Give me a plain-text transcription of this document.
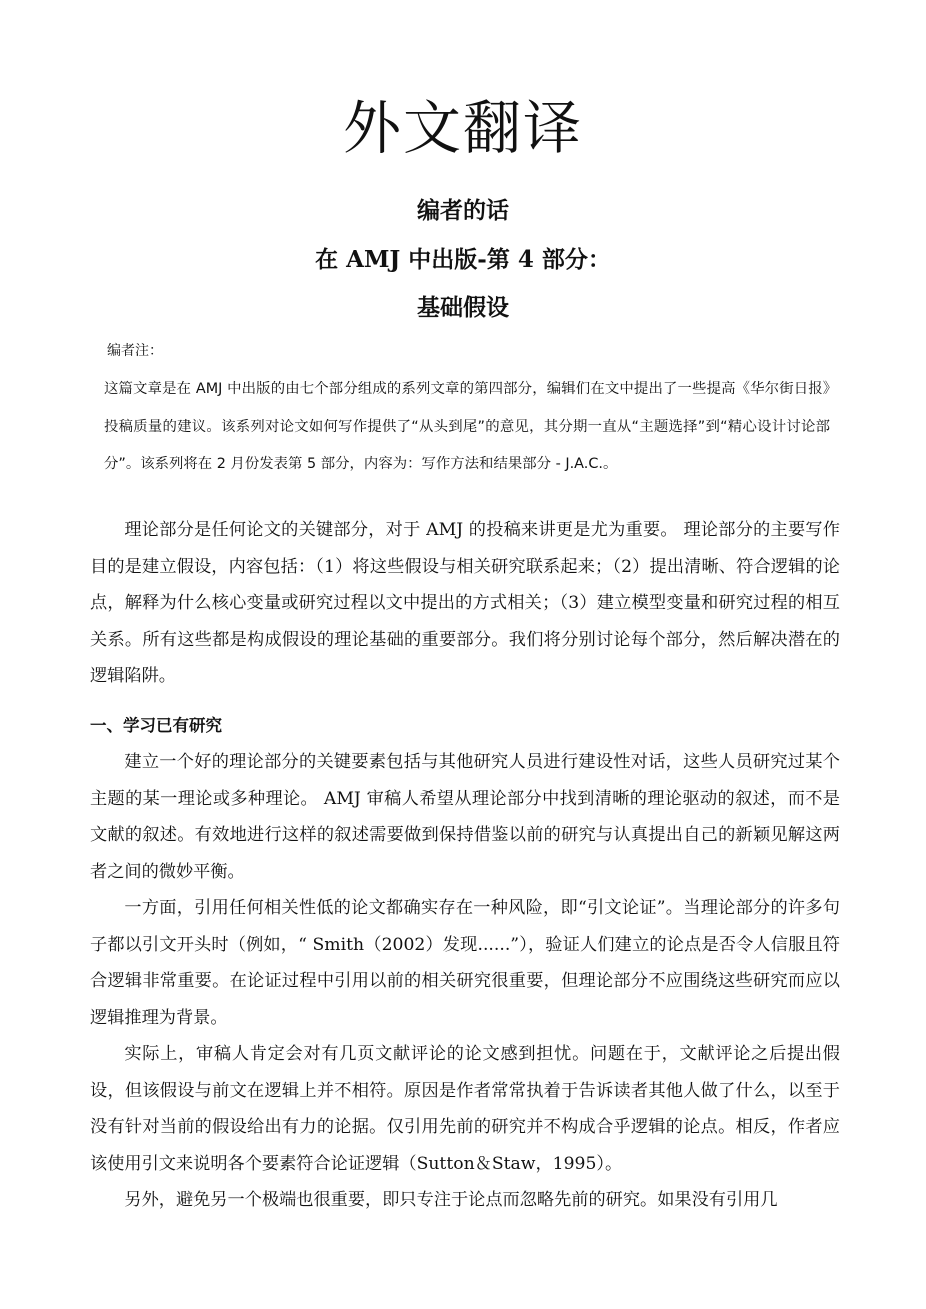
外文翻译
编者的话
在 AMJ 中出版-第 4 部分：
基础假设
编者注：
这篇文章是在 AMJ 中出版的由七个部分组成的系列文章的第四部分，编辑们在文中提出了一些提高《华尔街日报》投稿质量的建议。该系列对论文如何写作提供了“从头到尾”的意见，其分期一直从“主题选择”到“精心设计讨论部分”。该系列将在 2 月份发表第 5 部分，内容为：写作方法和结果部分 - J.A.C.。

理论部分是任何论文的关键部分，对于 AMJ 的投稿来讲更是尤为重要。 理论部分的主要写作目的是建立假设，内容包括：（1）将这些假设与相关研究联系起来；（2）提出清晰、符合逻辑的论点，解释为什么核心变量或研究过程以文中提出的方式相关；（3）建立模型变量和研究过程的相互关系。所有这些都是构成假设的理论基础的重要部分。我们将分别讨论每个部分，然后解决潜在的逻辑陷阱。

一、学习已有研究

建立一个好的理论部分的关键要素包括与其他研究人员进行建设性对话，这些人员研究过某个主题的某一理论或多种理论。 AMJ 审稿人希望从理论部分中找到清晰的理论驱动的叙述，而不是文献的叙述。有效地进行这样的叙述需要做到保持借鉴以前的研究与认真提出自己的新颖见解这两者之间的微妙平衡。

一方面，引用任何相关性低的论文都确实存在一种风险，即“引文论证”。当理论部分的许多句子都以引文开头时（例如，“ Smith（2002）发现......”），验证人们建立的论点是否令人信服且符合逻辑非常重要。在论证过程中引用以前的相关研究很重要，但理论部分不应围绕这些研究而应以逻辑推理为背景。

实际上，审稿人肯定会对有几页文献评论的论文感到担忧。问题在于，文献评论之后提出假设，但该假设与前文在逻辑上并不相符。原因是作者常常执着于告诉读者其他人做了什么，以至于没有针对当前的假设给出有力的论据。仅引用先前的研究并不构成合乎逻辑的论点。相反，作者应该使用引文来说明各个要素符合论证逻辑（Sutton＆Staw，1995）。

另外，避免另一个极端也很重要，即只专注于论点而忽略先前的研究。如果没有引用几
